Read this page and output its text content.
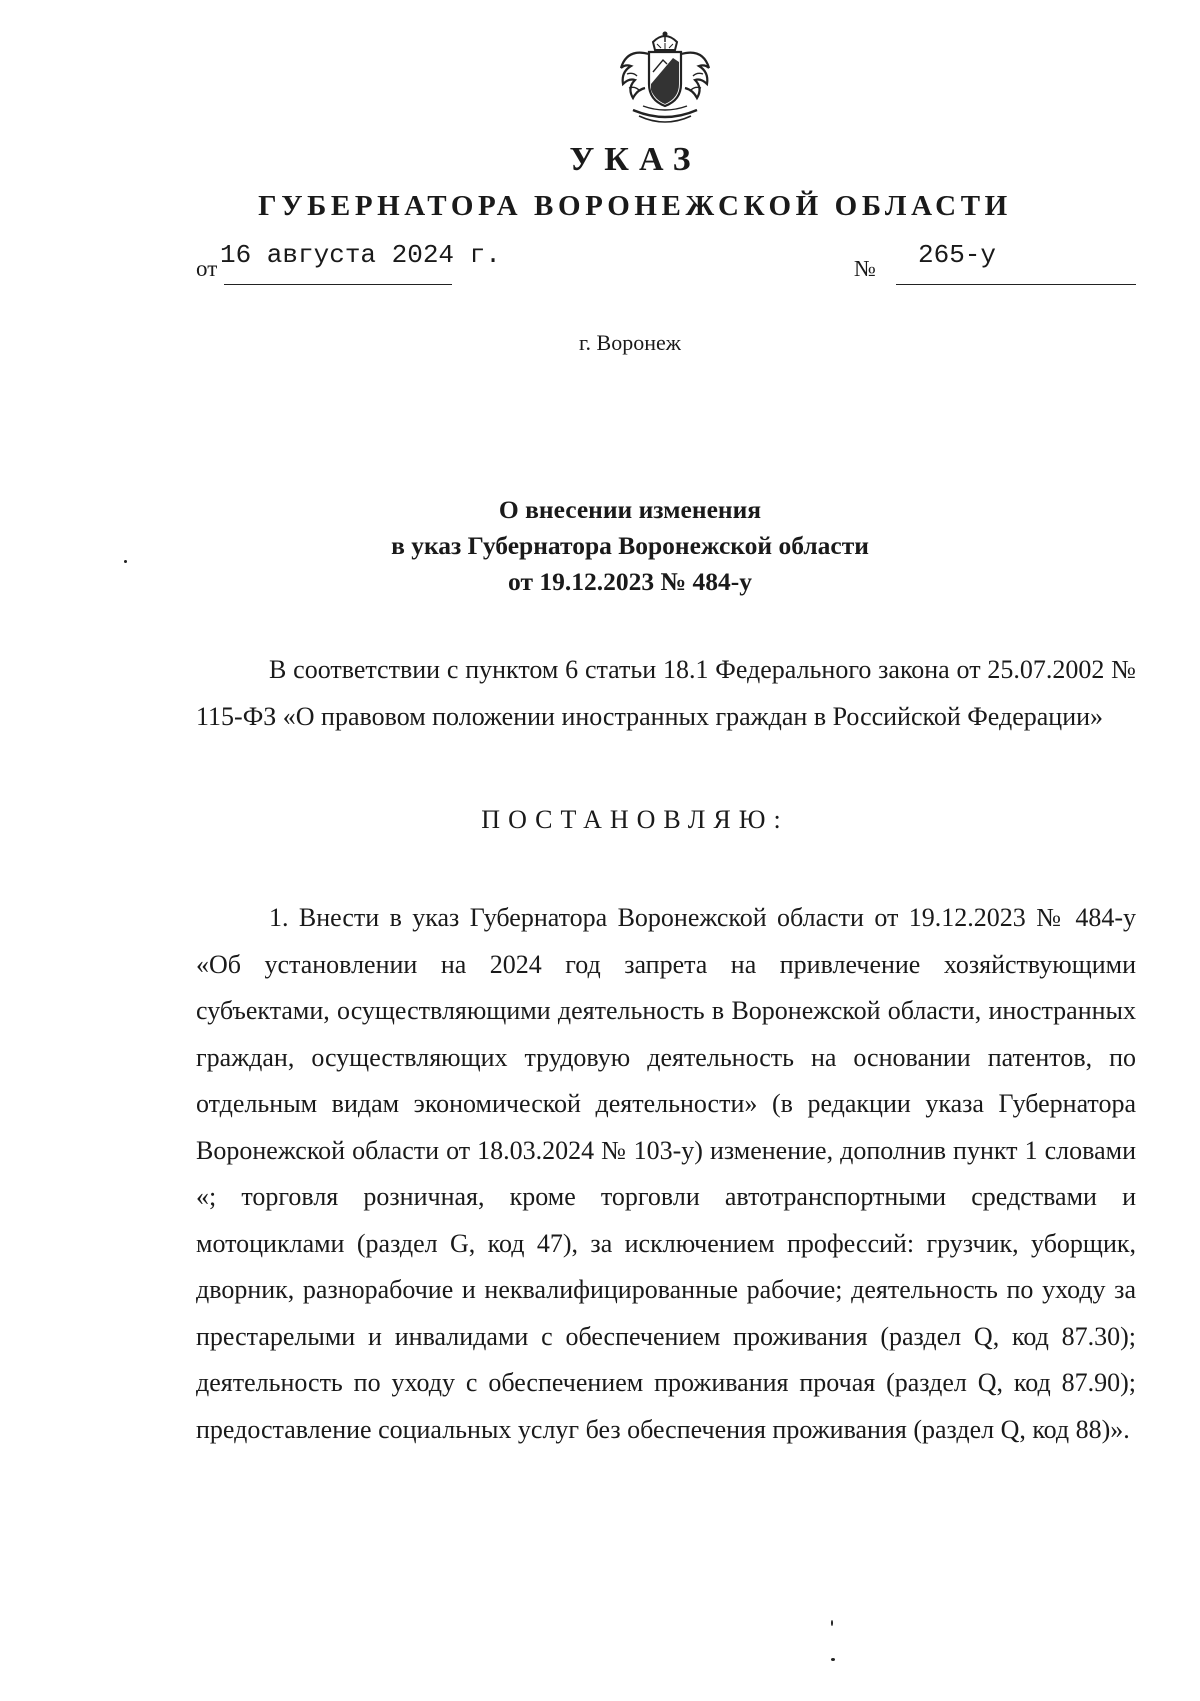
УКАЗ
ГУБЕРНАТОРА ВОРОНЕЖСКОЙ ОБЛАСТИ
от 16 августа 2024 г.	№ 265-у
г. Воронеж
О внесении изменения
в указ Губернатора Воронежской области
от 19.12.2023 № 484-у
В соответствии с пунктом 6 статьи 18.1 Федерального закона от 25.07.2002 № 115-ФЗ «О правовом положении иностранных граждан в Российской Федерации»
ПОСТАНОВЛЯЮ:
1. Внести в указ Губернатора Воронежской области от 19.12.2023 № 484-у «Об установлении на 2024 год запрета на привлечение хозяйствующими субъектами, осуществляющими деятельность в Воронежской области, иностранных граждан, осуществляющих трудовую деятельность на основании патентов, по отдельным видам экономической деятельности» (в редакции указа Губернатора Воронежской области от 18.03.2024 № 103-у) изменение, дополнив пункт 1 словами «; торговля розничная, кроме торговли автотранспортными средствами и мотоциклами (раздел G, код 47), за исключением профессий: грузчик, уборщик, дворник, разнорабочие и неквалифицированные рабочие; деятельность по уходу за престарелыми и инвалидами с обеспечением проживания (раздел Q, код 87.30); деятельность по уходу с обеспечением проживания прочая (раздел Q, код 87.90); предоставление социальных услуг без обеспечения проживания (раздел Q, код 88)».
